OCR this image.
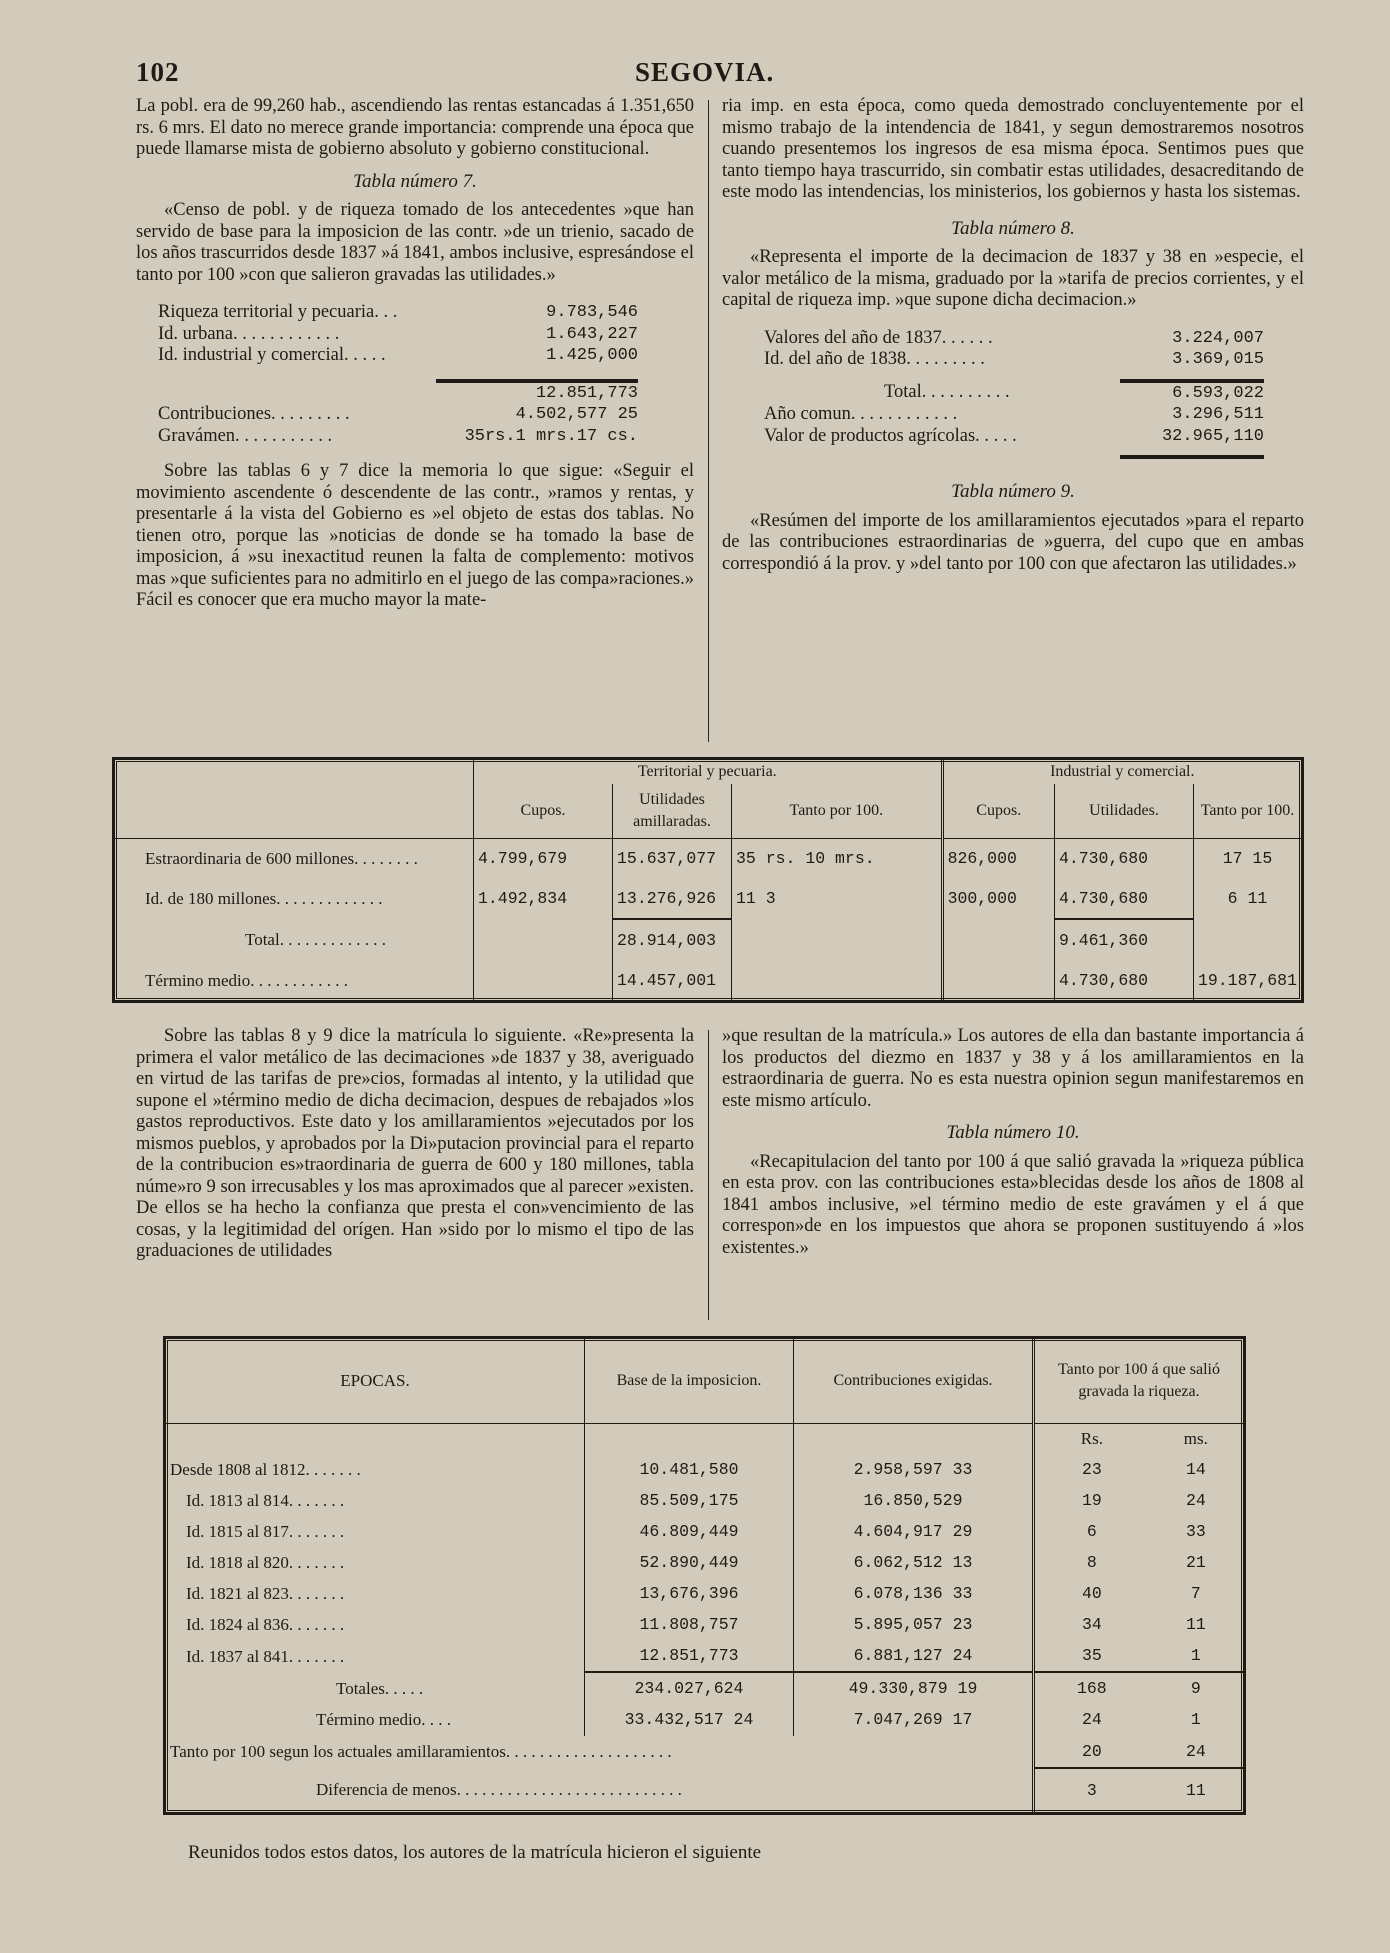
102	SEGOVIA.

La pobl. era de 99,260 hab., ascendiendo las rentas estancadas á 1.351,650 rs. 6 mrs. El dato no merece grande importancia: comprende una época que puede llamarse mista de gobierno absoluto y gobierno constitucional.

Tabla número 7.

«Censo de pobl. y de riqueza tomado de los antecedentes »que han servido de base para la imposicion de las contr. »de un trienio, sacado de los años trascurridos desde 1837 »á 1841, ambos inclusive, espresándose el tanto por 100 »con que salieron gravadas las utilidades.»

Riqueza territorial y pecuaria. . .	9.783,546
Id. urbana. . . . . . . . . . . .	1.643,227
Id. industrial y comercial. . . . .	1.425,000

	12.851,773
Contribuciones. . . . . . . . .	4.502,577 25
Gravámen. . . . . . . . . . .	35rs.1 mrs.17 cs.

Sobre las tablas 6 y 7 dice la memoria lo que sigue: «Seguir el movimiento ascendente ó descendente de las contr., »ramos y rentas, y presentarle á la vista del Gobierno es »el objeto de estas dos tablas. No tienen otro, porque las »noticias de donde se ha tomado la base de imposicion, á »su inexactitud reunen la falta de complemento: motivos mas »que suficientes para no admitirlo en el juego de las compa»raciones.» Fácil es conocer que era mucho mayor la mate-

ria imp. en esta época, como queda demostrado concluyentemente por el mismo trabajo de la intendencia de 1841, y segun demostraremos nosotros cuando presentemos los ingresos de esa misma época. Sentimos pues que tanto tiempo haya trascurrido, sin combatir estas utilidades, desacreditando de este modo las intendencias, los ministerios, los gobiernos y hasta los sistemas.

Tabla número 8.

«Representa el importe de la decimacion de 1837 y 38 en »especie, el valor metálico de la misma, graduado por la »tarifa de precios corrientes, y el capital de riqueza imp. »que supone dicha decimacion.»

Valores del año de 1837. . . . . .	3.224,007
Id. del año de 1838. . . . . . . . .	3.369,015

Total. . . . . . . . . .	6.593,022
Año comun. . . . . . . . . . . .	3.296,511
Valor de productos agrícolas. . . . .	32.965,110

Tabla número 9.

«Resúmen del importe de los amillaramientos ejecutados »para el reparto de las contribuciones estraordinarias de »guerra, del cupo que en ambas correspondió á la prov. y »del tanto por 100 con que afectaron las utilidades.»

	Territorial y pecuaria.			Industrial y comercial.		
	Cupos.	Utilidades amillaradas.	Tanto por 100.	Cupos.	Utilidades.	Tanto por 100.
Estraordinaria de 600 millones. . . . . . . .	4.799,679	15.637,077	35 rs. 10 mrs.	826,000	4.730,680	17 15
Id. de 180 millones. . . . . . . . . . . . .	1.492,834	13.276,926	11 3	300,000	4.730,680	6 11
Total. . . . . . . . . . . . .		28.914,003			9.461,360	
Término medio. . . . . . . . . . . .		14.457,001			4.730,680	19.187,681

Sobre las tablas 8 y 9 dice la matrícula lo siguiente. «Re»presenta la primera el valor metálico de las decimaciones »de 1837 y 38, averiguado en virtud de las tarifas de pre»cios, formadas al intento, y la utilidad que supone el »término medio de dicha decimacion, despues de rebajados »los gastos reproductivos. Este dato y los amillaramientos »ejecutados por los mismos pueblos, y aprobados por la Di»putacion provincial para el reparto de la contribucion es»traordinaria de guerra de 600 y 180 millones, tabla núme»ro 9 son irrecusables y los mas aproximados que al parecer »existen. De ellos se ha hecho la confianza que presta el con»vencimiento de las cosas, y la legitimidad del orígen. Han »sido por lo mismo el tipo de las graduaciones de utilidades

»que resultan de la matrícula.» Los autores de ella dan bastante importancia á los productos del diezmo en 1837 y 38 y á los amillaramientos en la estraordinaria de guerra. No es esta nuestra opinion segun manifestaremos en este mismo artículo.

Tabla número 10.

«Recapitulacion del tanto por 100 á que salió gravada la »riqueza pública en esta prov. con las contribuciones esta»blecidas desde los años de 1808 al 1841 ambos inclusive, »el término medio de este gravámen y el á que correspon»de en los impuestos que ahora se proponen sustituyendo á »los existentes.»

EPOCAS.	Base de la imposicion.	Contribuciones exigidas.	Tanto por 100 á que salió gravada la riqueza.	
			Rs.	ms.
Desde 1808 al 1812. . . . . . .	10.481,580	2.958,597 33	23	14
Id. 1813 al 814. . . . . . .	85.509,175	16.850,529	19	24
Id. 1815 al 817. . . . . . .	46.809,449	4.604,917 29	6	33
Id. 1818 al 820. . . . . . .	52.890,449	6.062,512 13	8	21
Id. 1821 al 823. . . . . . .	13,676,396	6.078,136 33	40	7
Id. 1824 al 836. . . . . . .	11.808,757	5.895,057 23	34	11
Id. 1837 al 841. . . . . . .	12.851,773	6.881,127 24	35	1
Totales. . . . .	234.027,624	49.330,879 19	168	9
Término medio. . . .	33.432,517 24	7.047,269 17	24	1
Tanto por 100 segun los actuales amillaramientos. . . . . . . . . . . . . . . . . . . .			20	24
Diferencia de menos. . . . . . . . . . . . . . . . . . . . . . . . . . .			3	11
Reunidos todos estos datos, los autores de la matrícula hicieron el siguiente
